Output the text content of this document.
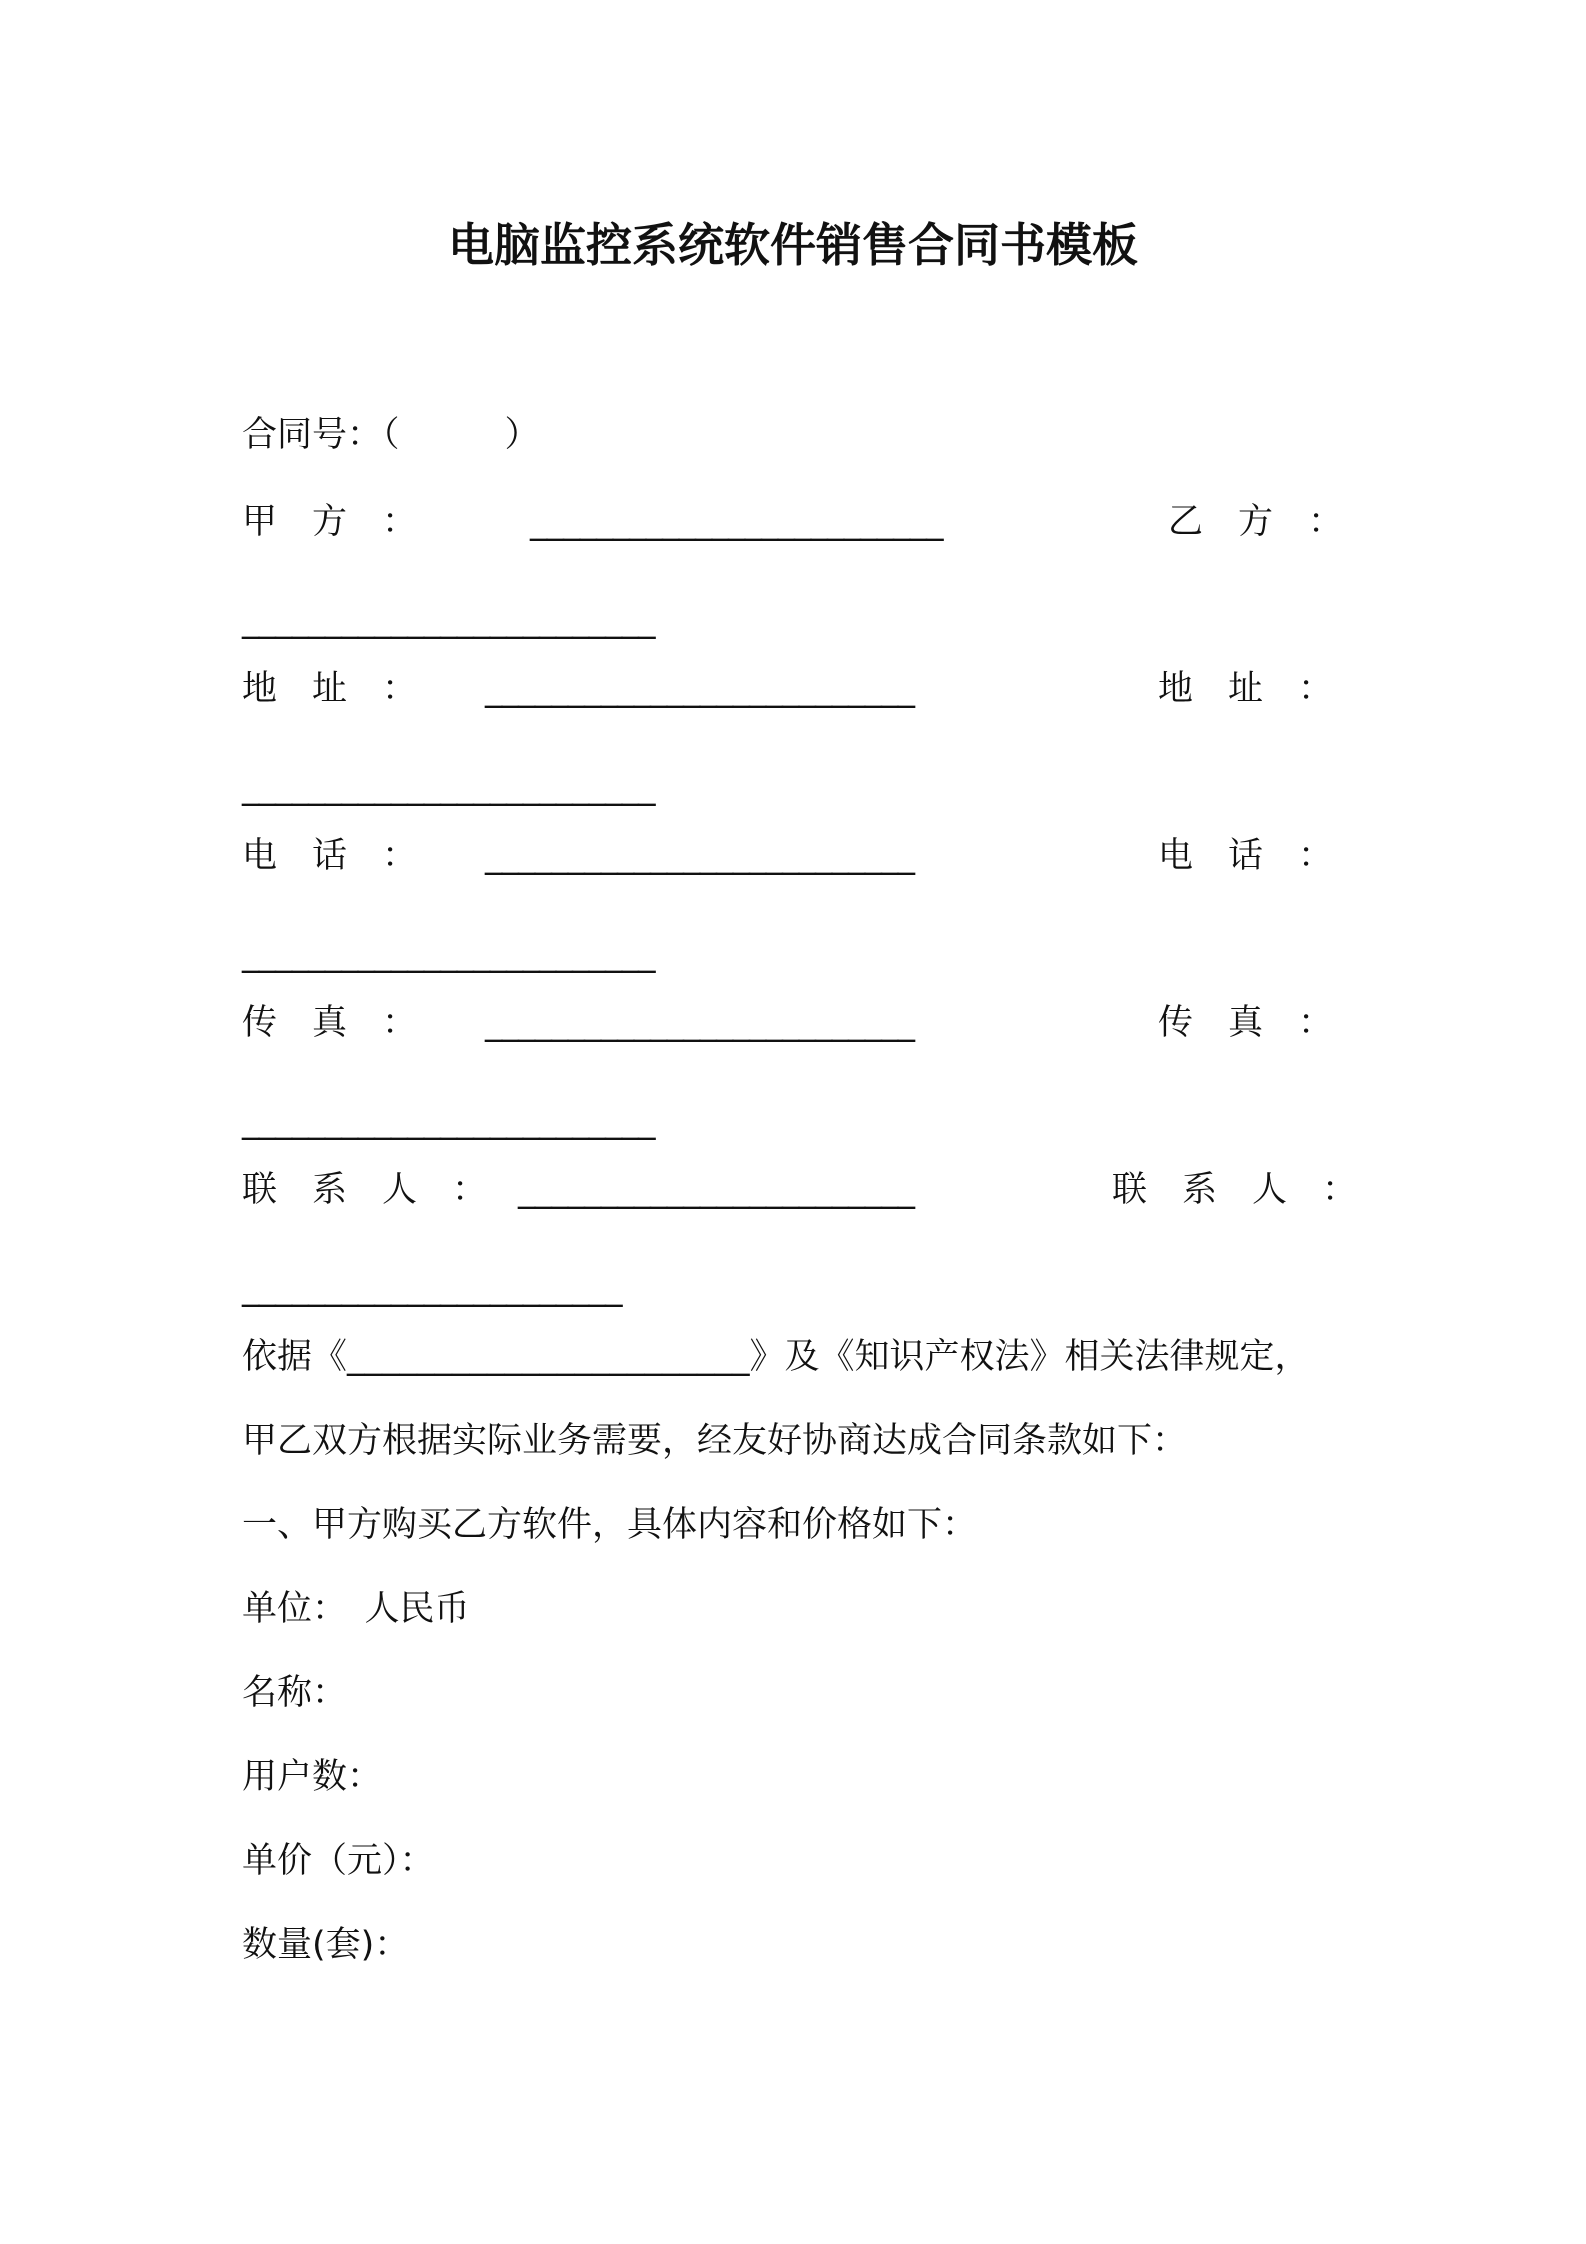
电脑监控系统软件销售合同书模板
合同号：（　　　）
甲　方　：	_________________________	乙　方　：
_________________________
地　址　： __________________________	地　址　：
_________________________
电　话　： __________________________	电　话　：
_________________________
传　真　： __________________________	传　真　：
_________________________
联　系　人　： ________________________	联　系　人　：
_______________________
依据《_______________________》及《知识产权法》相关法律规定，
甲乙双方根据实际业务需要，经友好协商达成合同条款如下：
一、甲方购买乙方软件，具体内容和价格如下：
单位：　人民币
名称：
用户数：
单价（元）：
数量(套)：
